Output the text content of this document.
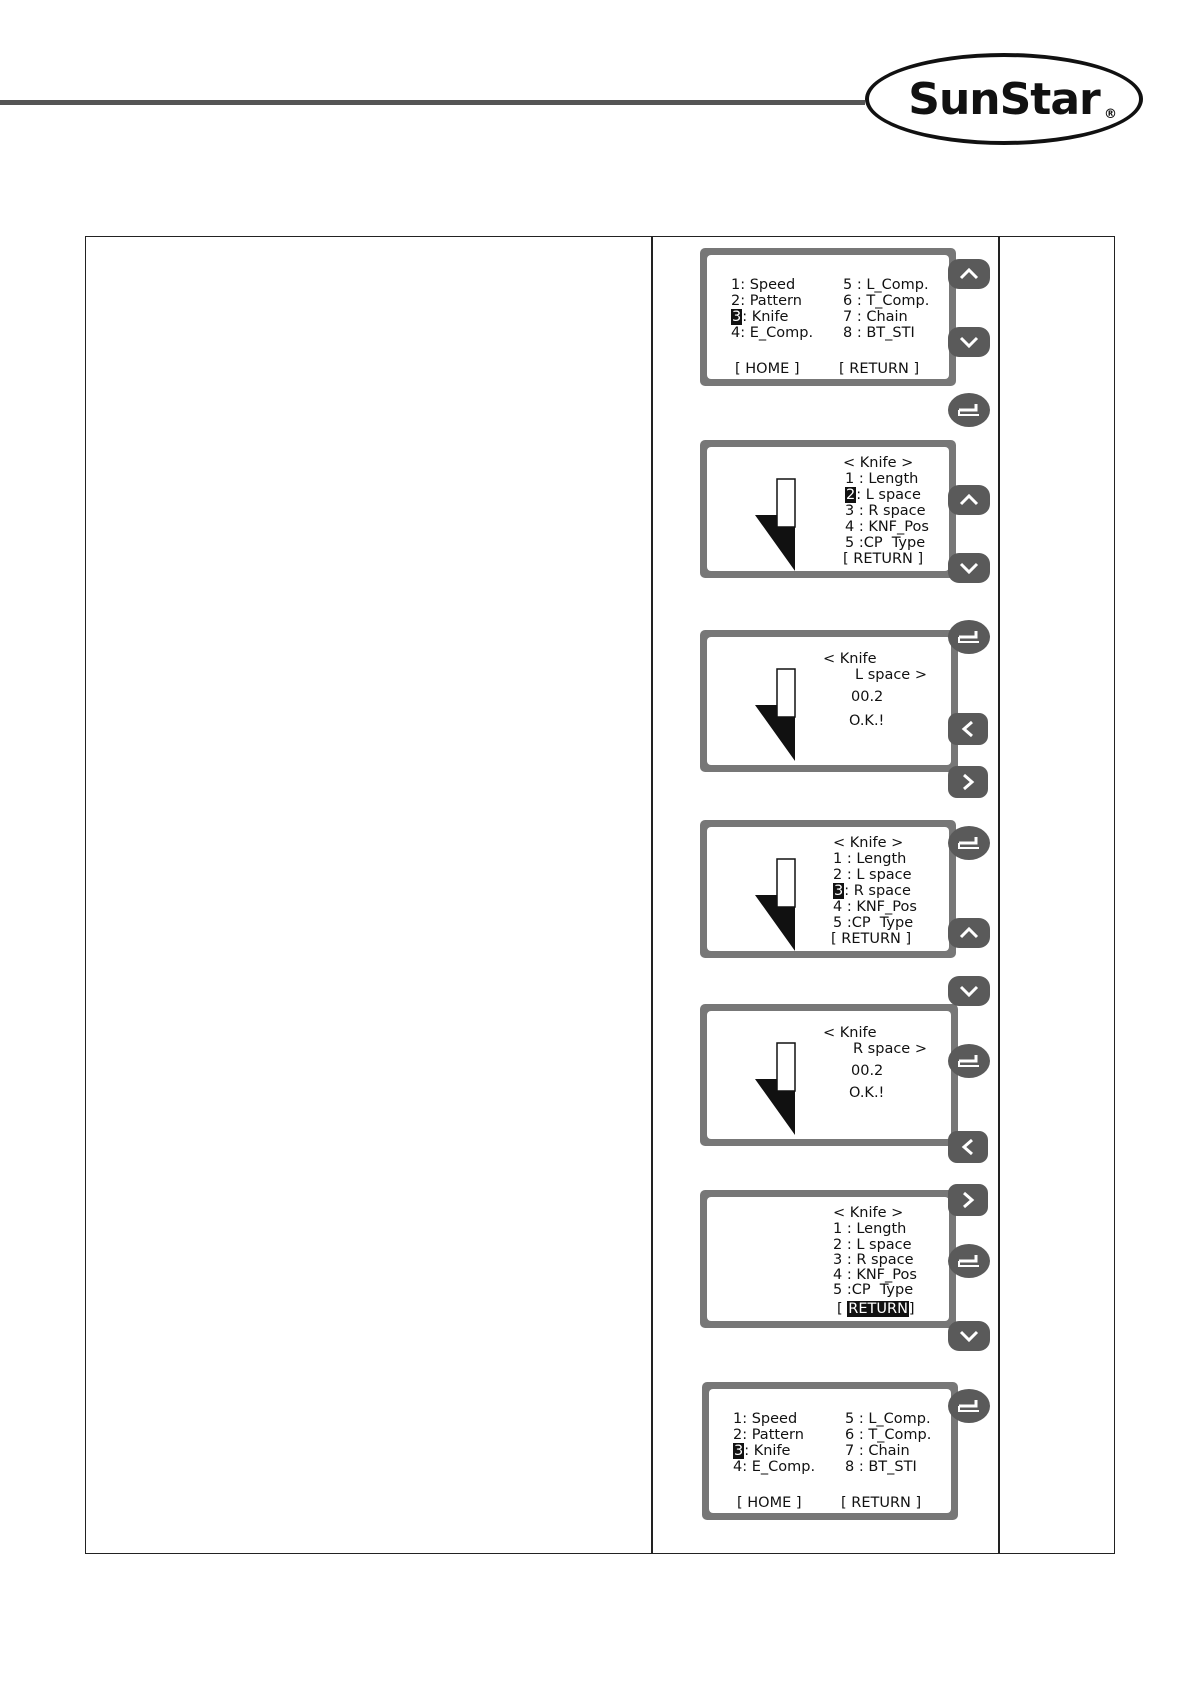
SunStar ®
1: Speed
2: Pattern
3: Knife
4: E_Comp.
5 : L_Comp.
6 : T_Comp.
7 : Chain
8 : BT_STI
[ HOME ]	[ RETURN ]
< Knife >
1 : Length
2: L space
3 : R space
4 : KNF_Pos
5 :CP  Type
[ RETURN ]
< Knife
L space >
00.2
O.K.!
< Knife >
1 : Length
2 : L space
3: R space
4 : KNF_Pos
5 :CP  Type
[ RETURN ]
< Knife
R space >
00.2
O.K.!
< Knife >
1 : Length
2 : L space
3 : R space
4 : KNF_Pos
5 :CP  Type
[ RETURN]
1: Speed
2: Pattern
3: Knife
4: E_Comp.
5 : L_Comp.
6 : T_Comp.
7 : Chain
8 : BT_STI
[ HOME ]	[ RETURN ]
